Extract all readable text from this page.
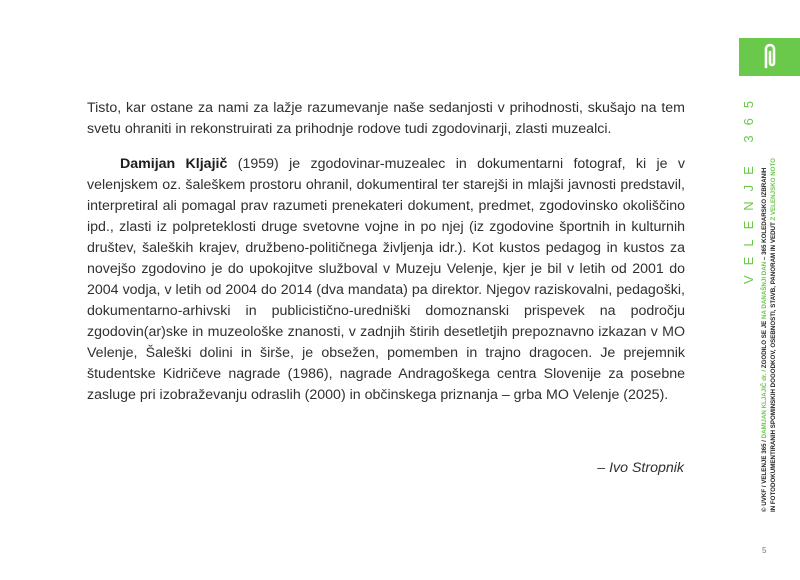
Tisto, kar ostane za nami za lažje razumevanje naše sedanjosti v prihodnosti, skušajo na tem svetu ohraniti in rekonstruirati za prihodnje rodove tudi zgodovinarji, zlasti muzealci.

Damijan Kljajič (1959) je zgodovinar-muzealec in dokumentarni fotograf, ki je v velenjskem oz. šaleškem prostoru ohranil, dokumentiral ter starejši in mlajši javnosti predstavil, interpretiral ali pomagal prav razumeti prenekateri dokument, predmet, zgodovinsko okoliščino ipd., zlasti iz polpreteklosti druge svetovne vojne in po njej (iz zgodovine športnih in kulturnih društev, šaleških krajev, družbeno-političnega življenja idr.). Kot kustos pedagog in kustos za novejšo zgodovino je do upokojitve služboval v Muzeju Velenje, kjer je bil v letih od 2001 do 2004 vodja, v letih od 2004 do 2014 (dva mandata) pa direktor. Njegov raziskovalni, pedagoški, dokumentarno-arhivski in publicistično-uredniški domoznanski prispevek na področju zgodovin(ar)ske in muzeološke znanosti, v zadnjih štirih desetletjih prepoznavno izkazan v MO Velenje, Šaleški dolini in širše, je obsežen, pomemben in trajno dragocen. Je prejemnik študentske Kidričeve nagrade (1986), nagrade Andragoškega centra Slovenije za posebne zasluge pri izobraževanju odraslih (2000) in občinskega priznanja – grba MO Velenje (2025).

– Ivo Stropnik
VELENJE 365
© UVKF / VELENJE 365 / DAMIJAN KLJAJIČ dr. / ZGODILO SE JE NA DANAŠNJI DAN – 365 KOLEDARSKO IZBRANIH
IN FOTODOKUMENTIRANIH SPOMINSKIH DOGODKOV, OSEBNOSTI, STAVB, PANORAM IN VEDUT Z VELENJSKO NOTO
5
